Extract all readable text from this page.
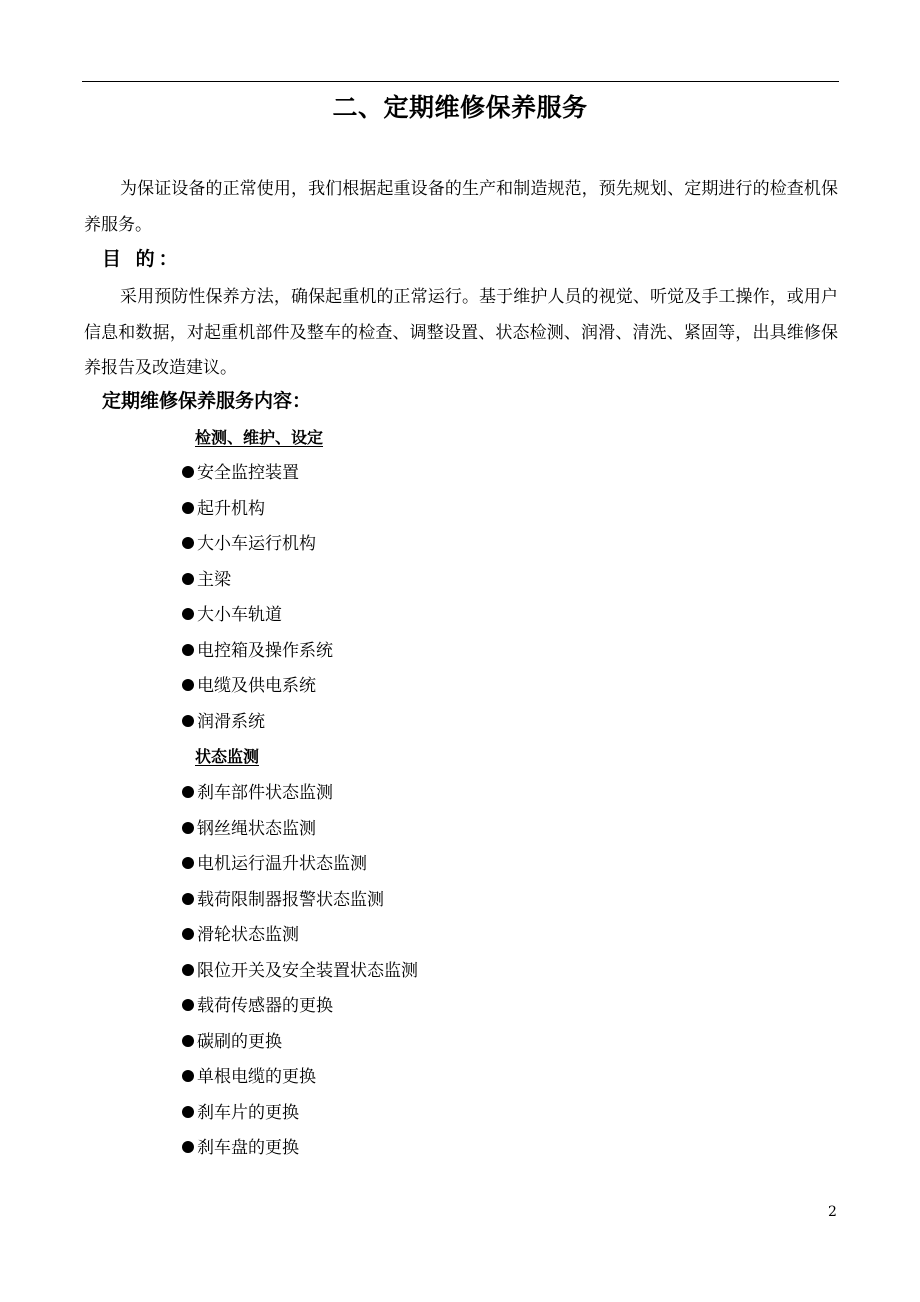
二、定期维修保养服务

为保证设备的正常使用，我们根据起重设备的生产和制造规范，预先规划、定期进行的检查机保养服务。

目 的：

采用预防性保养方法，确保起重机的正常运行。基于维护人员的视觉、听觉及手工操作，或用户信息和数据，对起重机部件及整车的检查、调整设置、状态检测、润滑、清洗、紧固等，出具维修保养报告及改造建议。

定期维修保养服务内容：
检测、维护、设定
安全监控装置
起升机构
大小车运行机构
主梁
大小车轨道
电控箱及操作系统
电缆及供电系统
润滑系统
状态监测
刹车部件状态监测
钢丝绳状态监测
电机运行温升状态监测
载荷限制器报警状态监测
滑轮状态监测
限位开关及安全装置状态监测
载荷传感器的更换
碳刷的更换
单根电缆的更换
刹车片的更换
刹车盘的更换
2
